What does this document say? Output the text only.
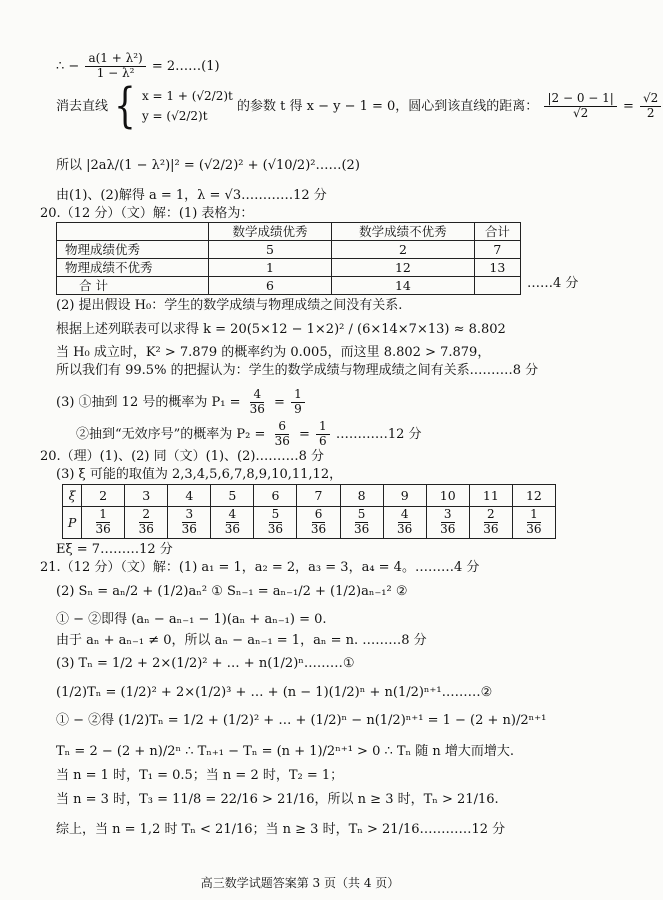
∴ − $\frac{\text{a(1 + λ²)}}{\text{1 − λ²}}$ = 2……(1)
消去直线 { x = 1 + (√2/2)t
y = (√2/2)t
的参数 t 得 x − y − 1 = 0，圆心到该直线的距离： $\frac{|2 - 0 - 1|}{√2} = \frac{√2}{2}$
所以 |2aλ/(1 − λ²)|² = (√2/2)² + (√10/2)²……(2)
由(1)、(2)解得 a = 1，λ = √3…………12 分
20.（12 分）（文）解：(1) 表格为：
	数学成绩优秀	数学成绩不优秀	合计
物理成绩优秀	5	2	7
物理成绩不优秀	1	12	13
合 计	6	14		……4 分
(2) 提出假设 H₀：学生的数学成绩与物理成绩之间没有关系.
根据上述列联表可以求得 k = 20(5×12 − 1×2)² / (6×14×7×13) ≈ 8.802
当 H₀ 成立时，K² > 7.879 的概率约为 0.005，而这里 8.802 > 7.879，
所以我们有 99.5% 的把握认为：学生的数学成绩与物理成绩之间有关系.………8 分
(3) ①抽到 12 号的概率为 $P_1 = \frac{4}{36} = \frac{1}{9}$
②抽到“无效序号”的概率为 $P_2 = \frac{6}{36} = \frac{1}{6}$ …………12 分
20.（理）(1)、(2) 同（文）(1)、(2).………8 分
(3) ξ 可能的取值为 2,3,4,5,6,7,8,9,10,11,12，
ξ	2	3	4	5	6	7	8	9	10	11	12
P	$\frac{1}{36}$	$\frac{2}{36}$	$\frac{3}{36}$	$\frac{4}{36}$	$\frac{5}{36}$	$\frac{6}{36}$	$\frac{5}{36}$	$\frac{4}{36}$	$\frac{3}{36}$	$\frac{2}{36}$	$\frac{1}{36}$
Eξ = 7………12 分
21.（12 分）（文）解：(1) a₁ = 1，a₂ = 2，a₃ = 3，a₄ = 4。………4 分
(2) Sₙ = aₙ/2 + (1/2)aₙ² ① Sₙ₋₁ = aₙ₋₁/2 + (1/2)aₙ₋₁² ②
① − ②即得 (aₙ − aₙ₋₁ − 1)(aₙ + aₙ₋₁) = 0.
由于 aₙ + aₙ₋₁ ≠ 0，所以 aₙ − aₙ₋₁ = 1，aₙ = n. ………8 分
(3) Tₙ = 1/2 + 2×(1/2)² + … + n(1/2)ⁿ………①
(1/2)Tₙ = (1/2)² + 2×(1/2)³ + … + (n − 1)(1/2)ⁿ + n(1/2)ⁿ⁺¹………②
① − ②得 (1/2)Tₙ = 1/2 + (1/2)² + … + (1/2)ⁿ − n(1/2)ⁿ⁺¹ = 1 − (2 + n)/2ⁿ⁺¹
Tₙ = 2 − (2 + n)/2ⁿ ∴ Tₙ₊₁ − Tₙ = (n + 1)/2ⁿ⁺¹ > 0 ∴ Tₙ 随 n 增大而增大.
当 n = 1 时，T₁ = 0.5；当 n = 2 时，T₂ = 1；
当 n = 3 时，T₃ = 11/8 = 22/16 > 21/16，所以 n ≥ 3 时，Tₙ > 21/16.
综上，当 n = 1,2 时 Tₙ < 21/16；当 n ≥ 3 时，Tₙ > 21/16…………12 分
高三数学试题答案第 3 页（共 4 页）
